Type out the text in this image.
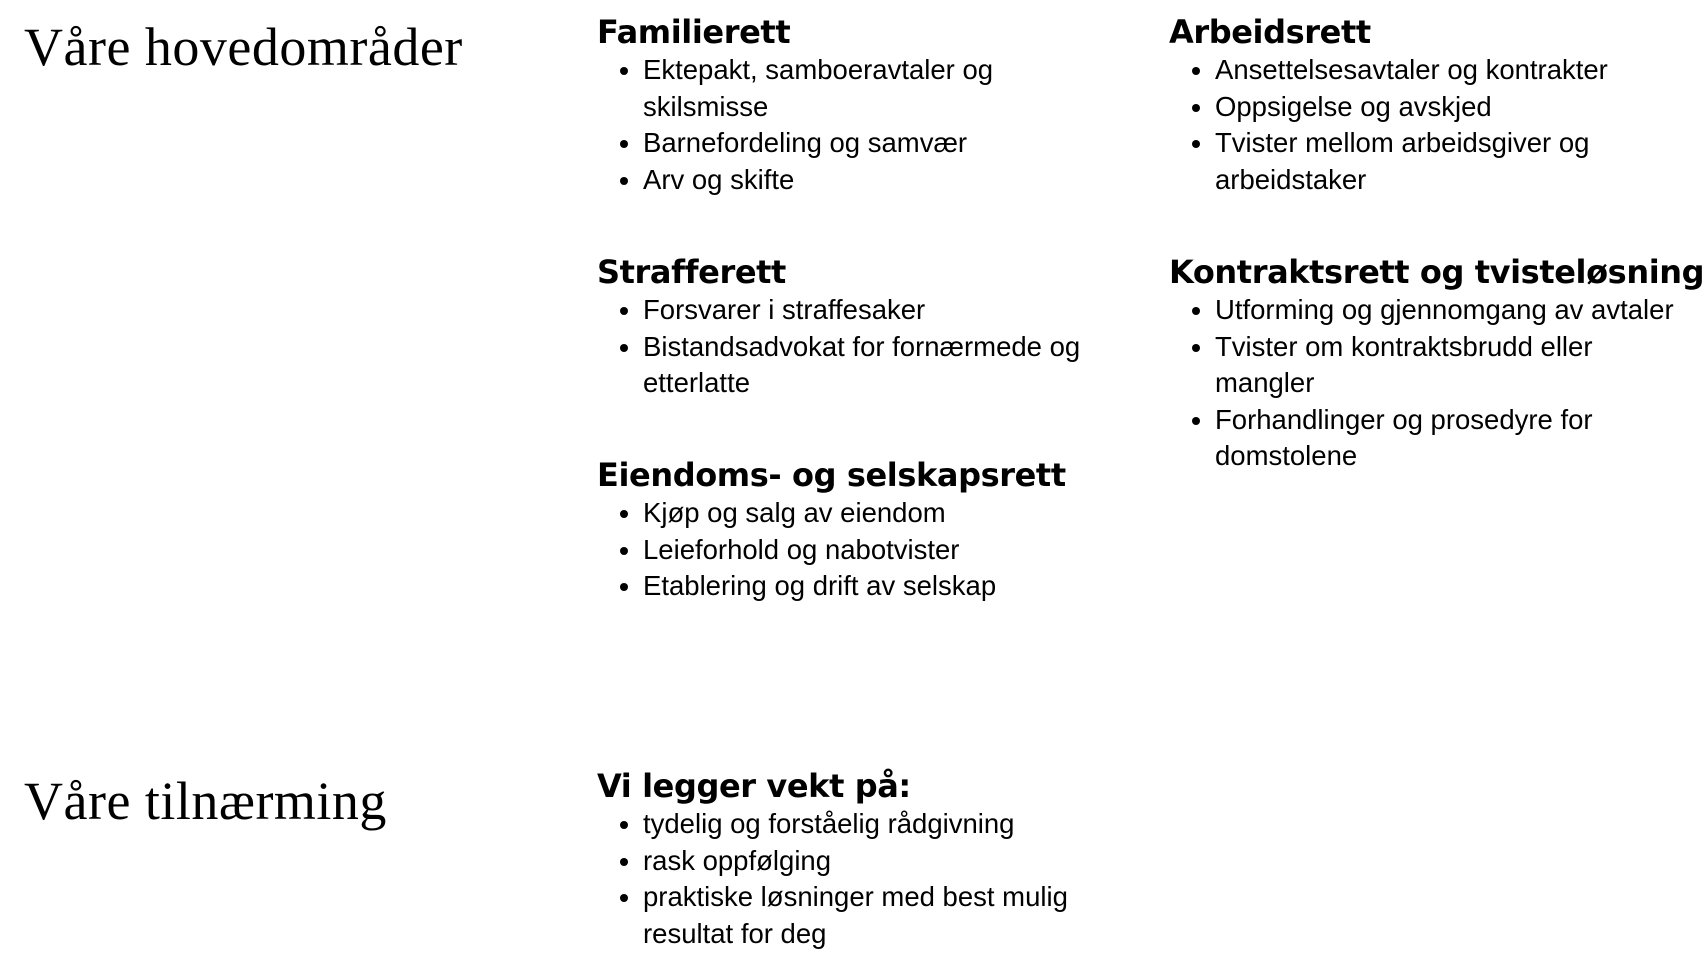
Våre hovedområder	Familierett
• Ektepakt, samboeravtaler og skilsmisse
• Barnefordeling og samvær
• Arv og skifte
Arbeidsrett
• Ansettelsesavtaler og kontrakter
• Oppsigelse og avskjed
• Tvister mellom arbeidsgiver og arbeidstaker
Strafferett
• Forsvarer i straffesaker
• Bistandsadvokat for fornærmede og etterlatte
Kontraktsrett og tvisteløsning
• Utforming og gjennomgang av avtaler
• Tvister om kontraktsbrudd eller mangler
• Forhandlinger og prosedyre for domstolene
Eiendoms- og selskapsrett
• Kjøp og salg av eiendom
• Leieforhold og nabotvister
• Etablering og drift av selskap
Våre tilnærming	Vi legger vekt på:
• tydelig og forståelig rådgivning
• rask oppfølging
• praktiske løsninger med best mulig resultat for deg
